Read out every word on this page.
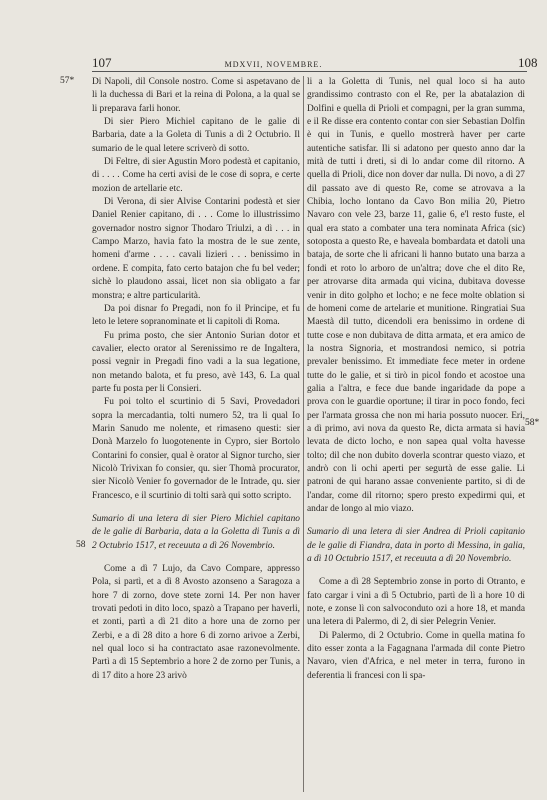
107	MDXVII, NOVEMBRE.	108
57*
58
58*

Di Napoli, dil Console nostro. Come si aspetavano de li la duchessa di Bari et la reina di Polona, a la qual se li preparava farli honor.

Di sier Piero Michiel capitano de le galie di Barbaria, date a la Goleta di Tunis a dì 2 Octubrio. Il sumario de le qual letere scriverò di sotto.

Di Feltre, di sier Agustin Moro podestà et capitanio, di . . . . Come ha certi avisi de le cose di sopra, e certe mozion de artellarie etc.

Di Verona, di sier Alvise Contarini podestà et sier Daniel Renier capitano, di . . . Come lo illustrissimo governador nostro signor Thodaro Triulzi, a dì . . . in Campo Marzo, havia fato la mostra de le sue zente, homeni d'arme . . . . cavali lizieri . . . benissimo in ordene. E compita, fato certo batajon che fu bel veder; sichè lo plaudono assai, licet non sia obligato a far monstra; e altre particularità.

Da poi disnar fo Pregadi, non fo il Principe, et fu leto le letere sopranominate et li capitoli di Roma.

Fu prima posto, che sier Antonio Surian dotor et cavalier, electo orator al Serenissimo re de Ingaltera, possi vegnir in Pregadi fino vadi a la sua legatione, non metando balota, et fu preso, avè 143, 6. La qual parte fu posta per li Consieri.

Fu poi tolto el scurtinio di 5 Savi, Provedadori sopra la mercadantia, tolti numero 52, tra li qual Io Marin Sanudo me nolente, et rimaseno questi: sier Donà Marzelo fo luogotenente in Cypro, sier Bortolo Contarini fo consier, qual è orator al Signor turcho, sier Nicolò Trivixan fo consier, qu. sier Thomà procurator, sier Nicolò Venier fo governador de le Intrade, qu. sier Francesco, e il scurtinio di tolti sarà qui sotto scripto.

Sumario di una letera di sier Piero Michiel capitano de le galie di Barbaria, data a la Goletta di Tunis a dì 2 Octubrio 1517, et receuuta a dì 26 Novembrio.

Come a dì 7 Lujo, da Cavo Compare, appresso Pola, si partì, et a dì 8 Avosto azonseno a Saragoza a hore 7 di zorno, dove stete zorni 14. Per non haver trovati pedoti in dito loco, spazò a Trapano per haverli, et zonti, partì a dì 21 dito a hore una de zorno per Zerbi, e a dì 28 dito a hore 6 di zorno arivoe a Zerbi, nel qual loco si ha contractato asae razonevolmente. Partì a dì 15 Septembrio a hore 2 de zorno per Tunis, a dì 17 dito a hore 23 arivò

li a la Goletta di Tunis, nel qual loco si ha auto grandissimo contrasto con el Re, per la abatalazion di Dolfini e quella di Prioli et compagni, per la gran summa, e il Re disse era contento contar con sier Sebastian Dolfin è qui in Tunis, e quello mostrerà haver per carte autentiche satisfar. Ili si adatono per questo anno dar la mità de tutti i dreti, si di lo andar come dil ritorno. A quella di Prioli, dice non dover dar nulla. Di novo, a dì 27 dil passato ave di questo Re, come se atrovava a la Chibia, locho lontano da Cavo Bon milia 20, Pietro Navaro con vele 23, barze 11, galie 6, e'l resto fuste, el qual era stato a combater una tera nominata Africa (sic) sotoposta a questo Re, e haveala bombardata et datoli una bataja, de sorte che li africani li hanno butato una barza a fondi et roto lo arboro de un'altra; dove che el dito Re, per atrovarse dita armada qui vicina, dubitava dovesse venir in dito golpho et locho; e ne fece molte oblation si de homeni come de artelarie et munitione. Ringratiai Sua Maestà dil tutto, dicendoli era benissimo in ordene di tutte cose e non dubitava de ditta armata, et era amico de la nostra Signoria, et mostrandosi nemico, si potria prevaler benissimo. Et immediate fece meter in ordene tutte do le galie, et si tirò in picol fondo et acostoe una galia a l'altra, e fece due bande ingaridade da pope a prova con le guardie oportune; il tirar in poco fondo, feci per l'armata grossa che non mi haria possuto nuocer. Eri, a dì primo, avi nova da questo Re, dicta armata si havia levata de dicto locho, e non sapea qual volta havesse tolto; dil che non dubito doverla scontrar questo viazo, et andrò con li ochi aperti per segurtà de esse galie. Li patroni de qui harano assae conveniente partito, si di de l'andar, come dil ritorno; spero presto expedirmi qui, et andar de longo al mio viazo.

Sumario di una letera di sier Andrea di Prioli capitanio de le galie di Fiandra, data in porto di Messina, in galia, a dì 10 Octubrio 1517, et receuuta a dì 20 Novembrio.

Come a dì 28 Septembrio zonse in porto di Otranto, e fato cargar i vini a dì 5 Octubrio, partì de lì a hore 10 di note, e zonse lì con salvoconduto ozi a hore 18, et manda una letera di Palermo, di 2, di sier Pelegrin Venier.

Di Palermo, di 2 Octubrio. Come in quella matina fo dito esser zonta a la Fagagnana l'armada dil conte Pietro Navaro, vien d'Africa, e nel meter in terra, furono in deferentia li francesi con li spa-
